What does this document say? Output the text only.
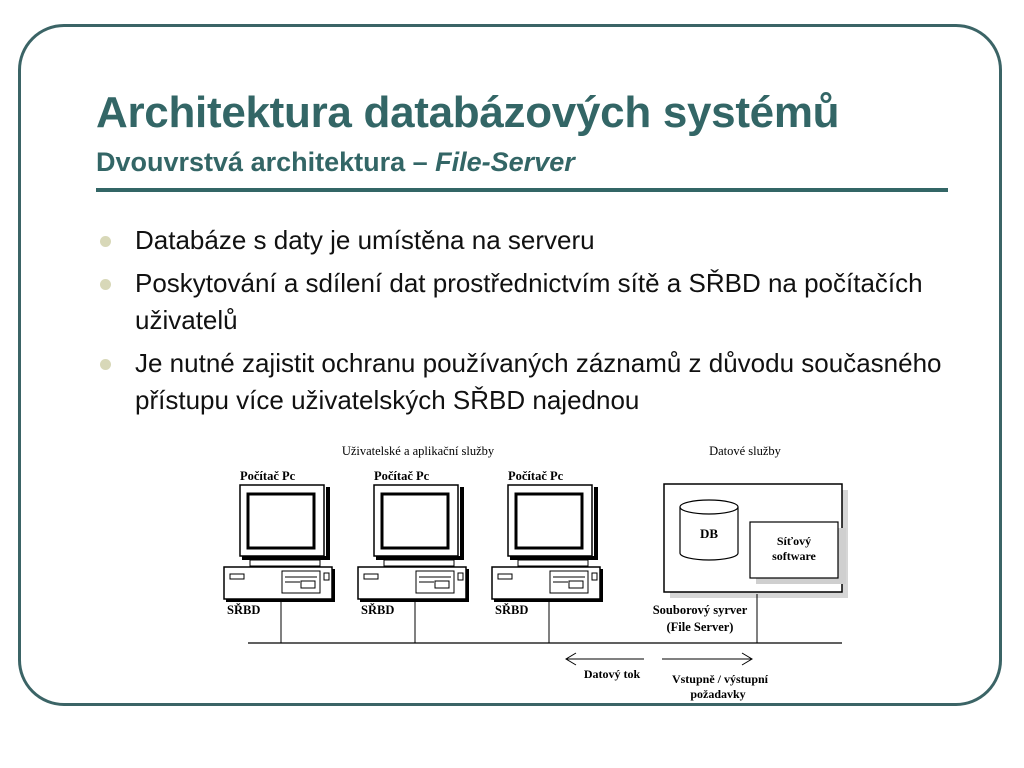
Architektura databázových systémů
Dvouvrstvá architektura – File-Server
Databáze s daty je umístěna na serveru
Poskytování a sdílení dat prostřednictvím sítě a SŘBD na počítačích uživatelů
Je nutné zajistit ochranu používaných záznamů z důvodu současného přístupu více uživatelských SŘBD najednou
Uživatelské a aplikační služby	Datové služby
Počítač Pc
SŘBD
Počítač Pc
SŘBD
Počítač Pc
SŘBD
DB	Síťový
software
Souborový syrver
(File Server)
Datový tok	Vstupně / výstupní
požadavky
